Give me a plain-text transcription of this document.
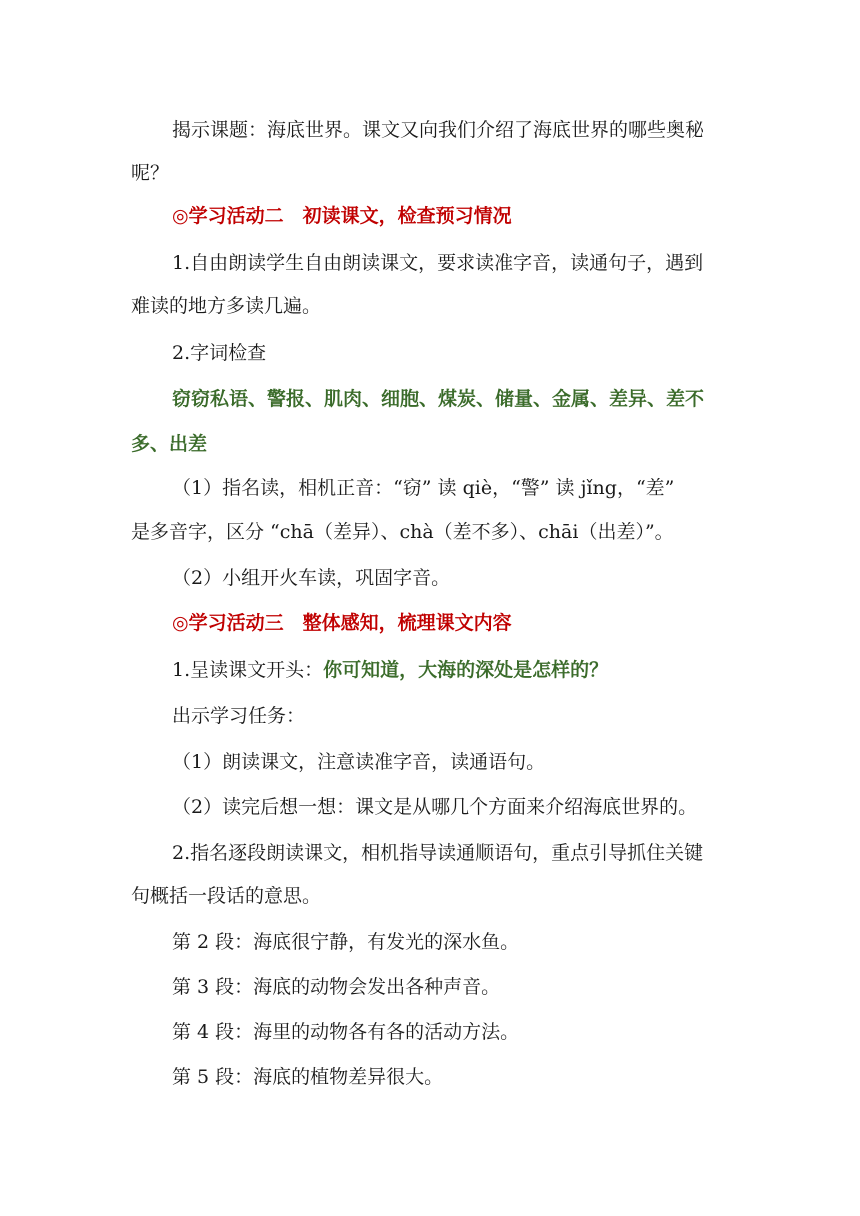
揭示课题：海底世界。课文又向我们介绍了海底世界的哪些奥秘
呢？
◎学习活动二　初读课文，检查预习情况
1.自由朗读学生自由朗读课文，要求读准字音，读通句子，遇到
难读的地方多读几遍。
2.字词检查
窃窃私语、警报、肌肉、细胞、煤炭、储量、金属、差异、差不
多、出差
（1）指名读，相机正音：“窃” 读 qiè，“警” 读 jǐng，“差”
是多音字，区分 “chā（差异）、chà（差不多）、chāi（出差）”。
（2）小组开火车读，巩固字音。
◎学习活动三　整体感知，梳理课文内容
1.呈读课文开头：你可知道，大海的深处是怎样的？
出示学习任务：
（1）朗读课文，注意读准字音，读通语句。
（2）读完后想一想：课文是从哪几个方面来介绍海底世界的。
2.指名逐段朗读课文，相机指导读通顺语句，重点引导抓住关键
句概括一段话的意思。
第 2 段：海底很宁静，有发光的深水鱼。
第 3 段：海底的动物会发出各种声音。
第 4 段：海里的动物各有各的活动方法。
第 5 段：海底的植物差异很大。
